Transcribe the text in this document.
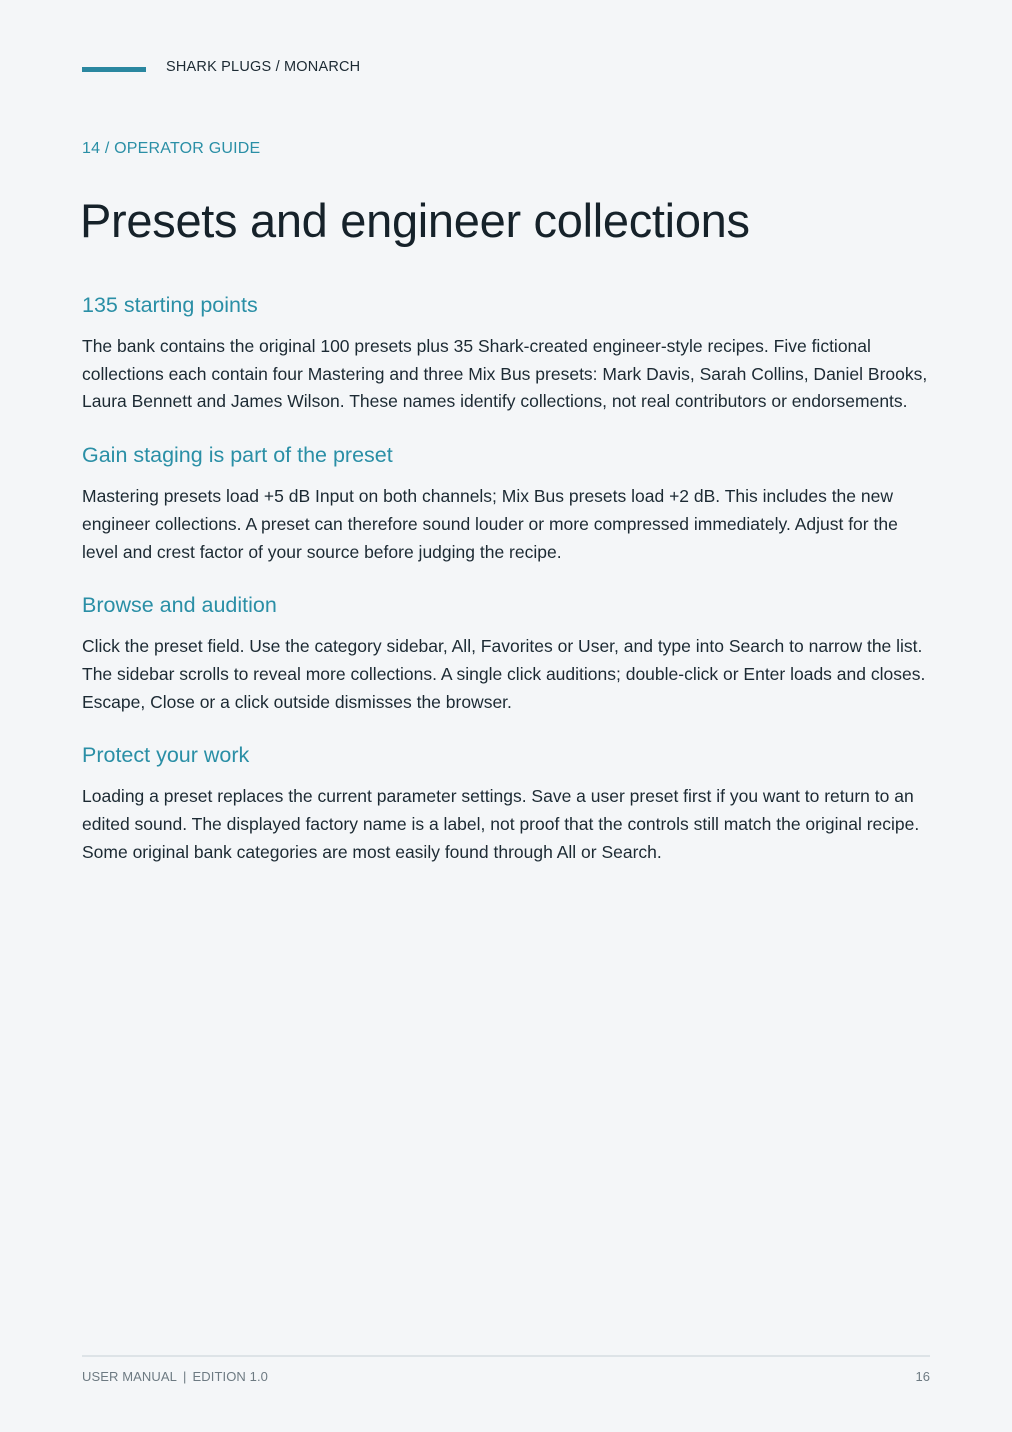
SHARK PLUGS / MONARCH
14 / OPERATOR GUIDE
Presets and engineer collections
135 starting points

The bank contains the original 100 presets plus 35 Shark-created engineer-style recipes. Five fictional collections each contain four Mastering and three Mix Bus presets: Mark Davis, Sarah Collins, Daniel Brooks, Laura Bennett and James Wilson. These names identify collections, not real contributors or endorsements.

Gain staging is part of the preset

Mastering presets load +5 dB Input on both channels; Mix Bus presets load +2 dB. This includes the new engineer collections. A preset can therefore sound louder or more compressed immediately. Adjust for the level and crest factor of your source before judging the recipe.

Browse and audition

Click the preset field. Use the category sidebar, All, Favorites or User, and type into Search to narrow the list. The sidebar scrolls to reveal more collections. A single click auditions; double-click or Enter loads and closes. Escape, Close or a click outside dismisses the browser.

Protect your work

Loading a preset replaces the current parameter settings. Save a user preset first if you want to return to an edited sound. The displayed factory name is a label, not proof that the controls still match the original recipe. Some original bank categories are most easily found through All or Search.

USER MANUAL | EDITION 1.0	16
